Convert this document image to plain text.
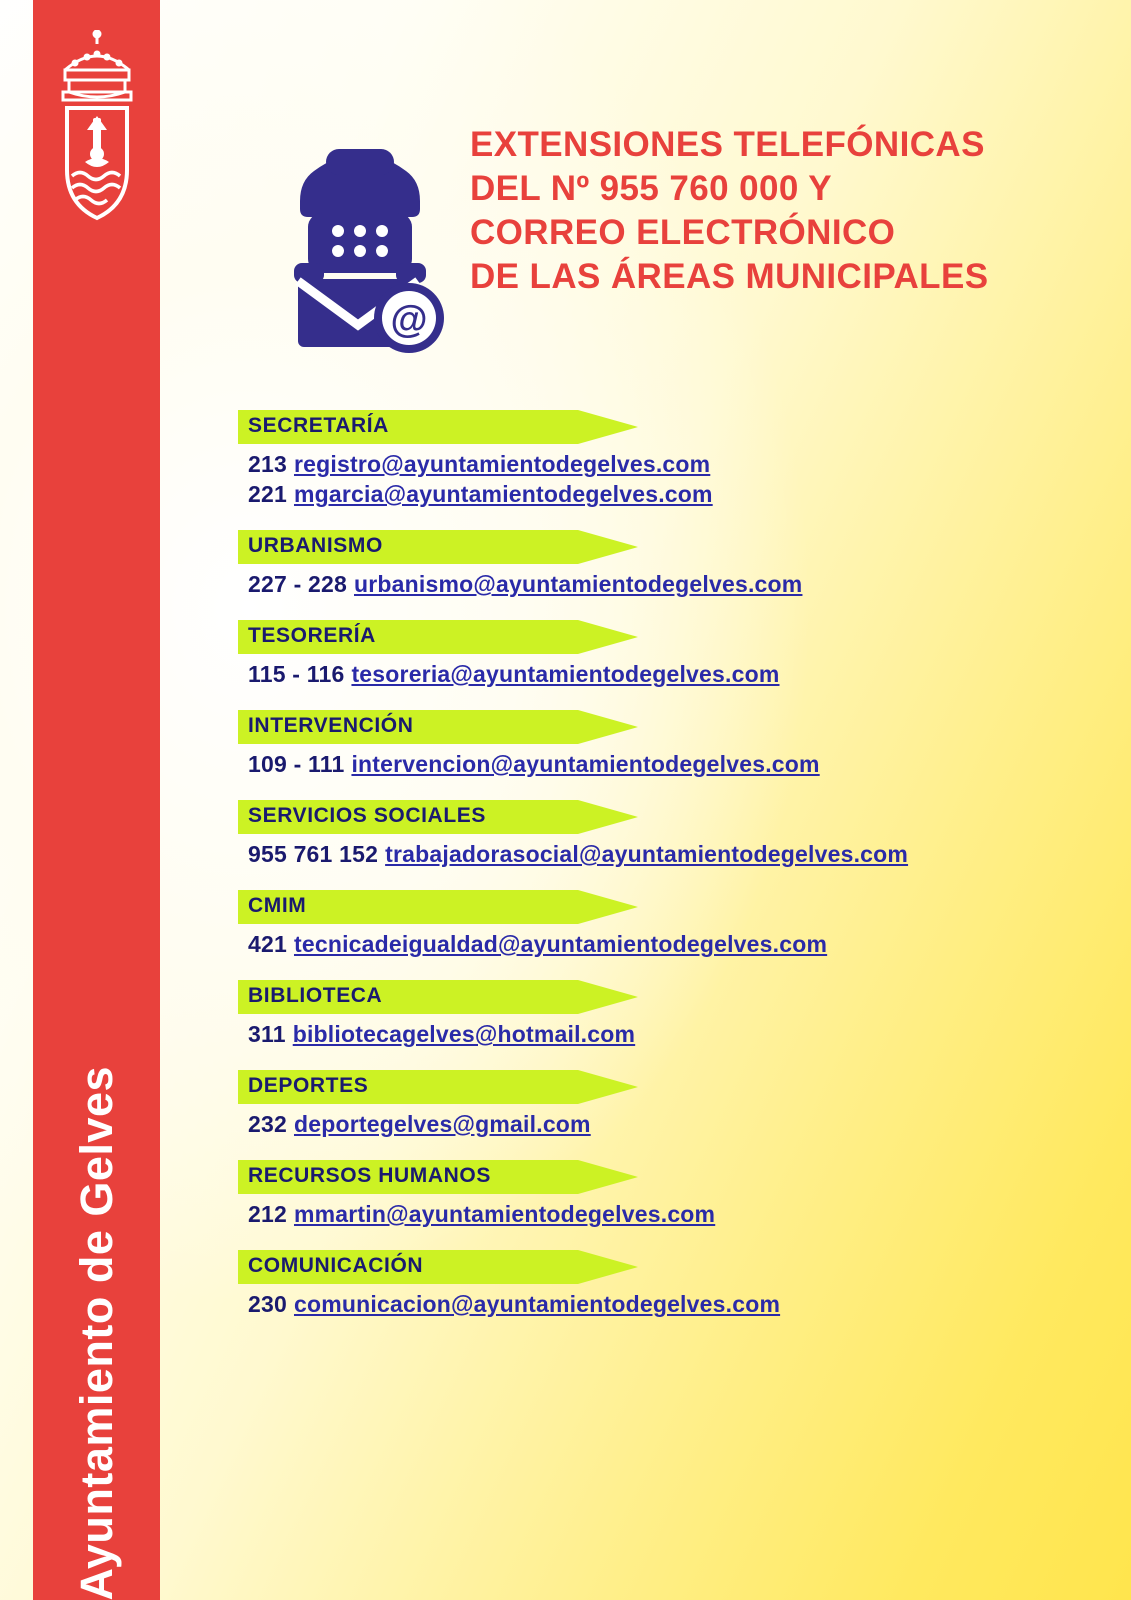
Ayuntamiento de Gelves
@
EXTENSIONES TELEFÓNICAS
DEL Nº 955 760 000 Y
CORREO ELECTRÓNICO
DE LAS ÁREAS MUNICIPALES
SECRETARÍA
213 registro@ayuntamientodegelves.com
221 mgarcia@ayuntamientodegelves.com
URBANISMO
227 - 228 urbanismo@ayuntamientodegelves.com
TESORERÍA
115 - 116 tesoreria@ayuntamientodegelves.com
INTERVENCIÓN
109 - 111 intervencion@ayuntamientodegelves.com
SERVICIOS SOCIALES
955 761 152 trabajadorasocial@ayuntamientodegelves.com
CMIM
421 tecnicadeigualdad@ayuntamientodegelves.com
BIBLIOTECA
311 bibliotecagelves@hotmail.com
DEPORTES
232 deportegelves@gmail.com
RECURSOS HUMANOS
212 mmartin@ayuntamientodegelves.com
COMUNICACIÓN
230 comunicacion@ayuntamientodegelves.com
